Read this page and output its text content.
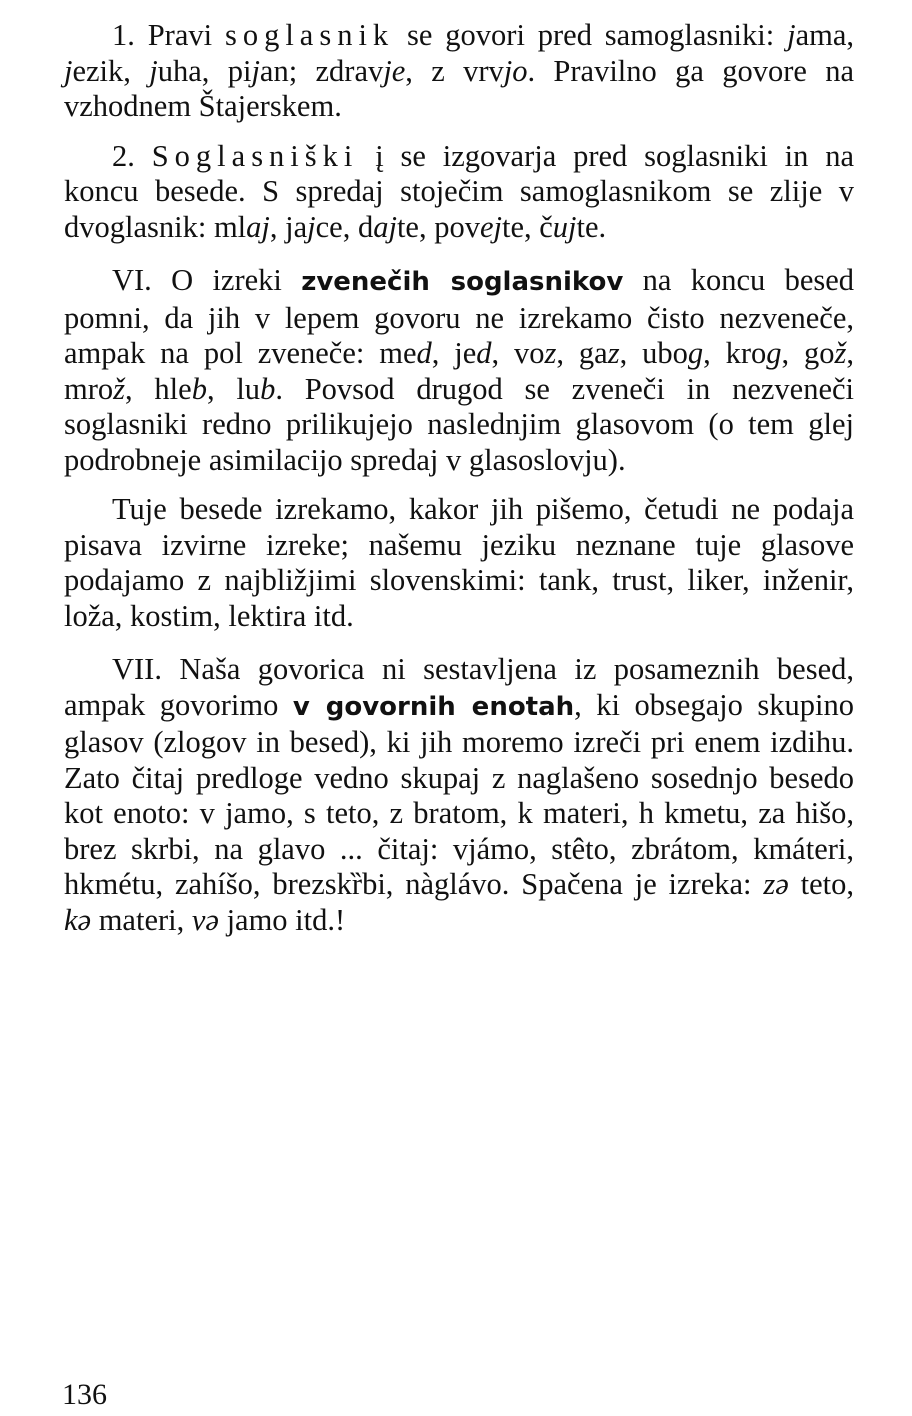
1. Pravi soglasnik se govori pred samoglasniki: jama, jezik, juha, pijan; zdravje, z vrvjo. Pravilno ga govore na vzhodnem Štajerskem.

2. Soglasniški į se izgovarja pred soglasniki in na koncu besede. S spredaj stoječim samoglasnikom se zlije v dvoglasnik: mlaj, jajce, dajte, povejte, čujte.

VI. O izreki zvenečih soglasnikov na koncu besed pomni, da jih v lepem govoru ne izrekamo čisto nezveneče, ampak na pol zveneče: med, jed, voz, gaz, ubog, krog, gož, mrož, hleb, lub. Povsod drugod se zveneči in nezveneči soglasniki redno prilikujejo naslednjim glasovom (o tem glej podrobneje asimilacijo spredaj v glasoslovju).

Tuje besede izrekamo, kakor jih pišemo, četudi ne podaja pisava izvirne izreke; našemu jeziku neznane tuje glasove podajamo z najbližjimi slovenskimi: tank, trust, liker, inženir, loža, kostim, lektira itd.

VII. Naša govorica ni sestavljena iz posameznih besed, ampak govorimo v govornih enotah, ki obsegajo skupino glasov (zlogov in besed), ki jih moremo izreči pri enem izdihu. Zato čitaj predloge vedno skupaj z naglašeno sosednjo besedo kot enoto: v jamo, s teto, z bratom, k materi, h kmetu, za hišo, brez skrbi, na glavo ... čitaj: vjámo, stêto, zbrátom, kmáteri, hkmétu, zahíšo, brezskȑbi, nàglávo. Spačena je izreka: zə teto, kə materi, və jamo itd.!

136
